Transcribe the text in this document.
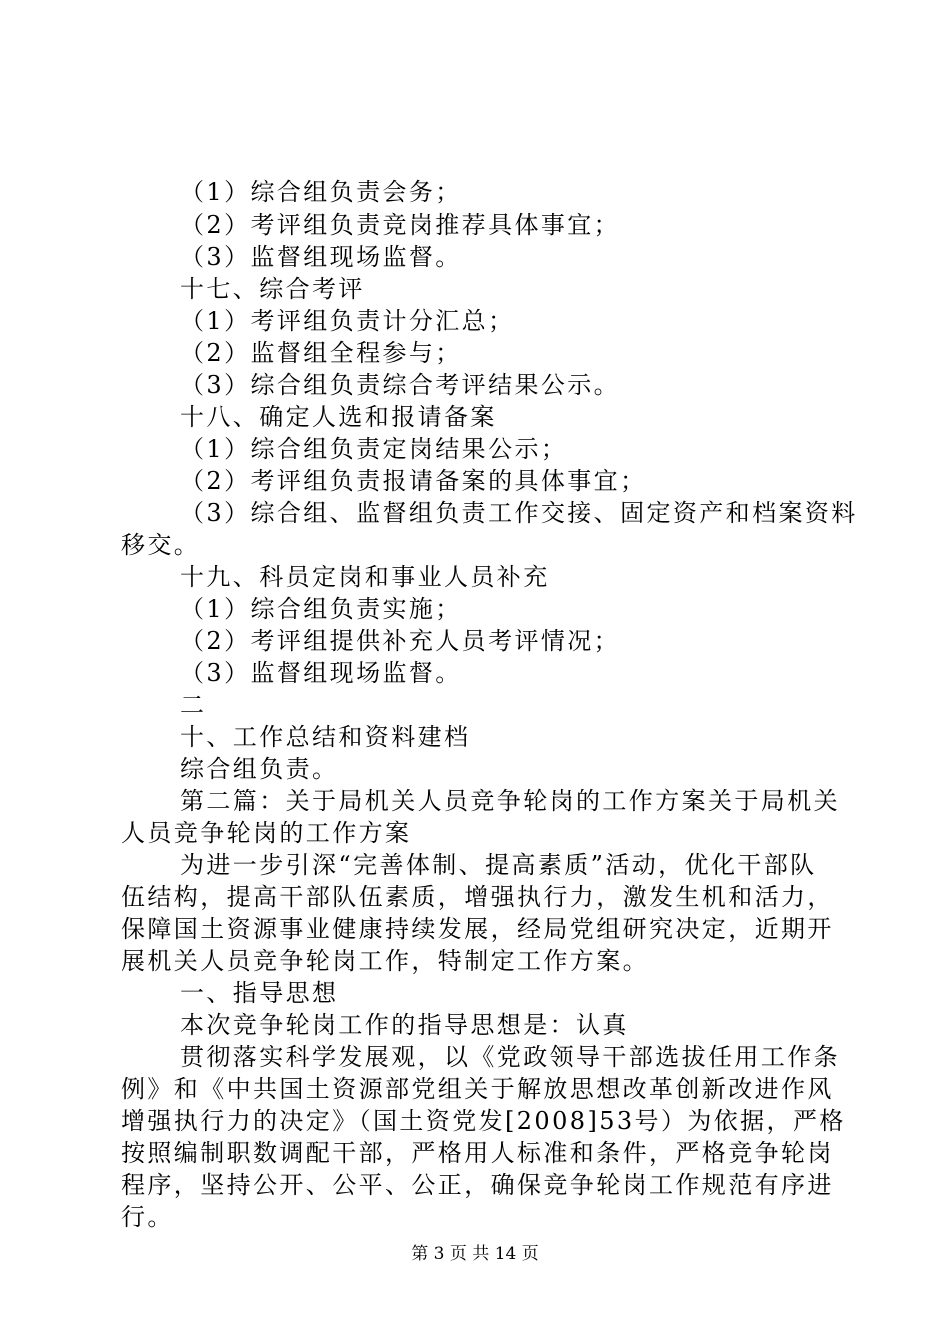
（1）综合组负责会务；
（2）考评组负责竞岗推荐具体事宜；
（3）监督组现场监督。
十七、综合考评
（1）考评组负责计分汇总；
（2）监督组全程参与；
（3）综合组负责综合考评结果公示。
十八、确定人选和报请备案
（1）综合组负责定岗结果公示；
（2）考评组负责报请备案的具体事宜；
（3）综合组、监督组负责工作交接、固定资产和档案资料
移交。
十九、科员定岗和事业人员补充
（1）综合组负责实施；
（2）考评组提供补充人员考评情况；
（3）监督组现场监督。
二
十、工作总结和资料建档
综合组负责。
第二篇：关于局机关人员竞争轮岗的工作方案关于局机关
人员竞争轮岗的工作方案
为进一步引深“完善体制、提高素质”活动，优化干部队
伍结构，提高干部队伍素质，增强执行力，激发生机和活力，
保障国土资源事业健康持续发展，经局党组研究决定，近期开
展机关人员竞争轮岗工作，特制定工作方案。
一、指导思想
本次竞争轮岗工作的指导思想是：认真
贯彻落实科学发展观，以《党政领导干部选拔任用工作条
例》和《中共国土资源部党组关于解放思想改革创新改进作风
增强执行力的决定》（国土资党发[2008]53号）为依据，严格
按照编制职数调配干部，严格用人标准和条件，严格竞争轮岗
程序，坚持公开、公平、公正，确保竞争轮岗工作规范有序进
行。
第 3 页 共 14 页
